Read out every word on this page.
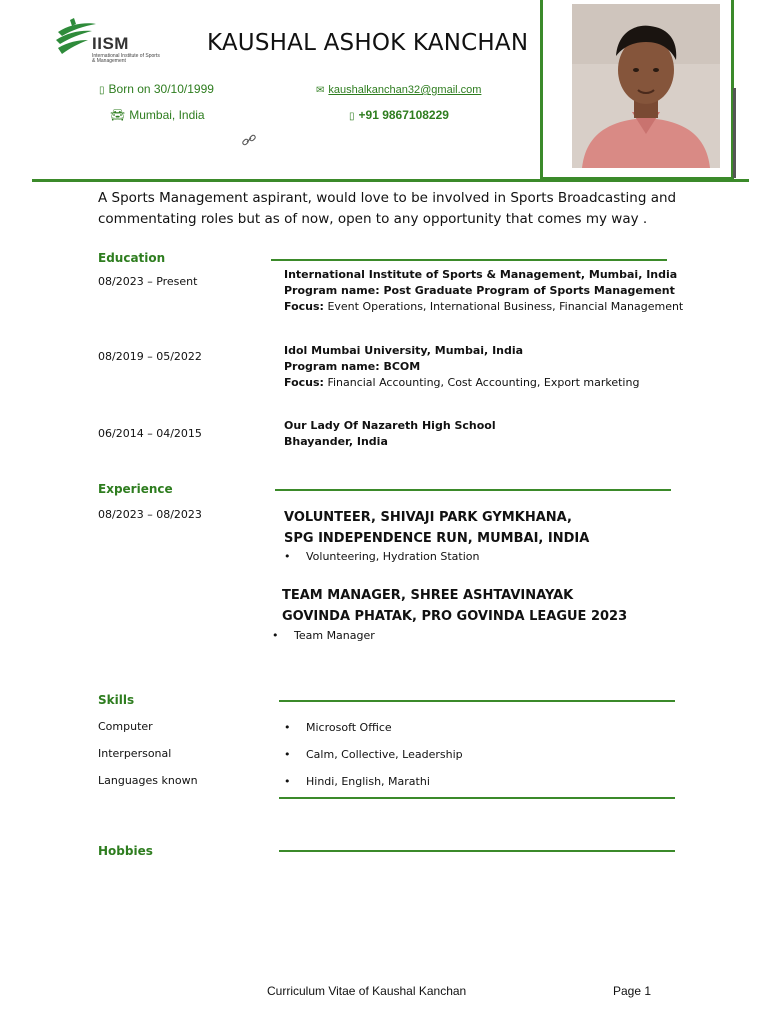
IISM
International Institute of Sports & Management
KAUSHAL ASHOK KANCHAN
▯ Born on 30/10/1999
🚘︎ Mumbai, India
✉︎ kaushalkanchan32@gmail.com
▯ +91 9867108229
A Sports Management aspirant, would love to be involved in Sports Broadcasting and commentating roles but as of now, open to any opportunity that comes my way .
Education
08/2023 – Present
International Institute of Sports & Management, Mumbai, India
Program name: Post Graduate Program of Sports Management
Focus: Event Operations, International Business, Financial Management
08/2019 – 05/2022	Idol Mumbai University, Mumbai, India
Program name: BCOM
Focus: Financial Accounting, Cost Accounting, Export marketing
06/2014 – 04/2015
Our Lady Of Nazareth High School
Bhayander, India
Experience
08/2023 – 08/2023	VOLUNTEER, SHIVAJI PARK GYMKHANA,
SPG INDEPENDENCE RUN, MUMBAI, INDIA
• Volunteering, Hydration Station
TEAM MANAGER, SHREE ASHTAVINAYAK
GOVINDA PHATAK, PRO GOVINDA LEAGUE 2023
• Team Manager
Skills
Computer	• Microsoft Office
Interpersonal	• Calm, Collective, Leadership
Languages known	• Hindi, English, Marathi
Hobbies
Curriculum Vitae of Kaushal Kanchan	Page 1
